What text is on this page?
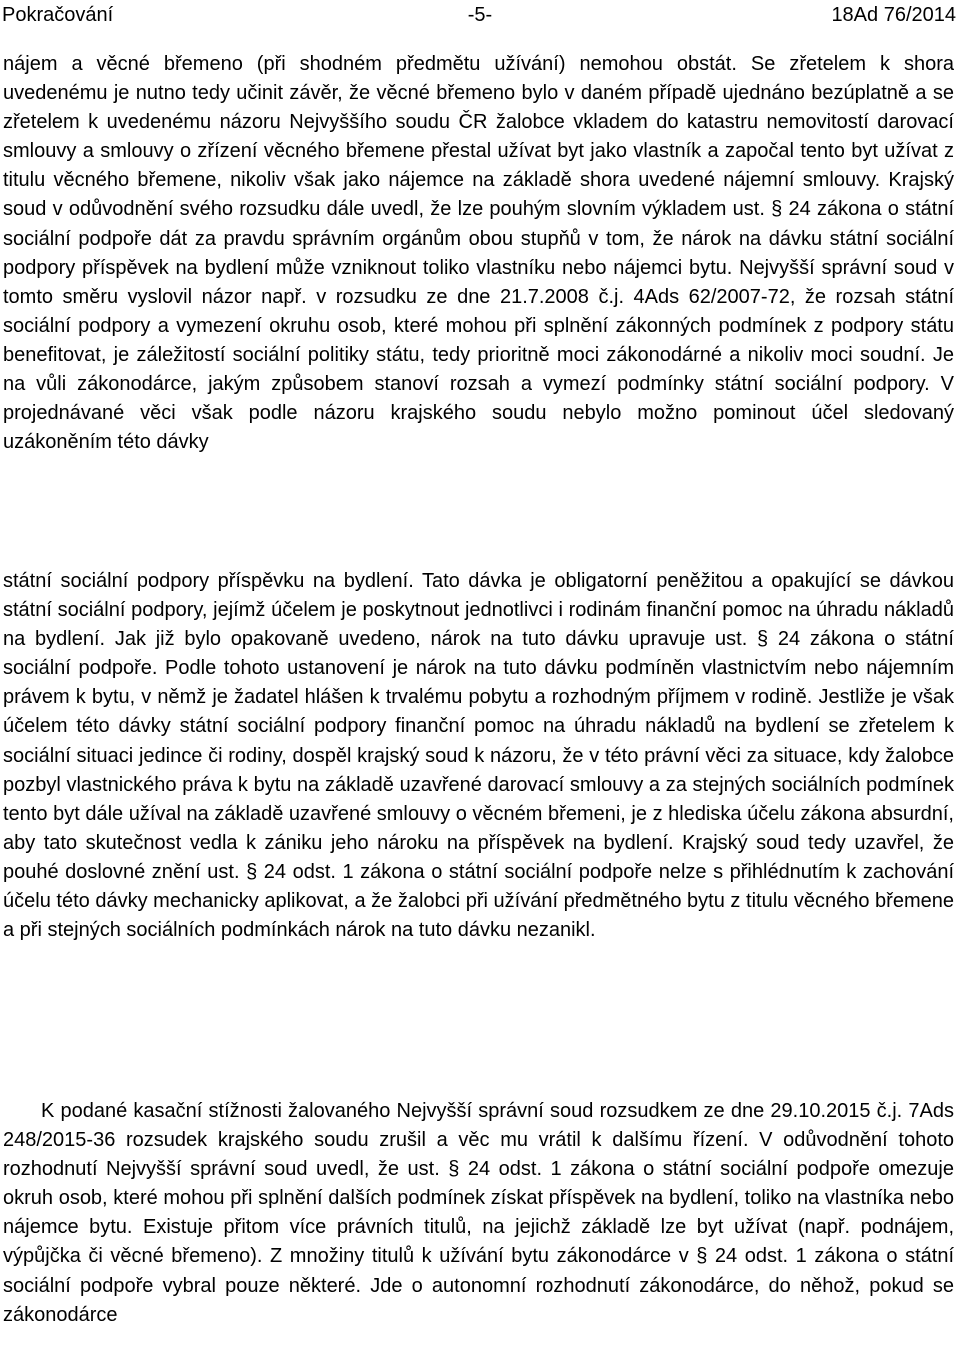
Pokračování	-5-	18Ad 76/2014

nájem a věcné břemeno (při shodném předmětu užívání) nemohou obstát. Se zřetelem k shora uvedenému je nutno tedy učinit závěr, že věcné břemeno bylo v daném případě ujednáno bezúplatně a se zřetelem k uvedenému názoru Nejvyššího soudu ČR žalobce vkladem do katastru nemovitostí darovací smlouvy a smlouvy o zřízení věcného břemene přestal užívat byt jako vlastník a započal tento byt užívat z titulu věcného břemene, nikoliv však jako nájemce na základě shora uvedené nájemní smlouvy. Krajský soud v odůvodnění svého rozsudku dále uvedl, že lze pouhým slovním výkladem ust. § 24 zákona o státní sociální podpoře dát za pravdu správním orgánům obou stupňů v tom, že nárok na dávku státní sociální podpory příspěvek na bydlení může vzniknout toliko vlastníku nebo nájemci bytu. Nejvyšší správní soud v tomto směru vyslovil názor např. v rozsudku ze dne 21.7.2008 č.j. 4Ads 62/2007-72, že rozsah státní sociální podpory a vymezení okruhu osob, které mohou při splnění zákonných podmínek z podpory státu benefitovat, je záležitostí sociální politiky státu, tedy prioritně moci zákonodárné a nikoliv moci soudní. Je na vůli zákonodárce, jakým způsobem stanoví rozsah a vymezí podmínky státní sociální podpory. V projednávané věci však podle názoru krajského soudu nebylo možno pominout účel sledovaný uzákoněním této dávky

státní sociální podpory příspěvku na bydlení. Tato dávka je obligatorní peněžitou a opakující se dávkou státní sociální podpory, jejímž účelem je poskytnout jednotlivci i rodinám finanční pomoc na úhradu nákladů na bydlení. Jak již bylo opakovaně uvedeno, nárok na tuto dávku upravuje ust. § 24 zákona o státní sociální podpoře. Podle tohoto ustanovení je nárok na tuto dávku podmíněn vlastnictvím nebo nájemním právem k bytu, v němž je žadatel hlášen k trvalému pobytu a rozhodným příjmem v rodině. Jestliže je však účelem této dávky státní sociální podpory finanční pomoc na úhradu nákladů na bydlení se zřetelem k sociální situaci jedince či rodiny, dospěl krajský soud k názoru, že v této právní věci za situace, kdy žalobce pozbyl vlastnického práva k bytu na základě uzavřené darovací smlouvy a za stejných sociálních podmínek tento byt dále užíval na základě uzavřené smlouvy o věcném břemeni, je z hlediska účelu zákona absurdní, aby tato skutečnost vedla k zániku jeho nároku na příspěvek na bydlení. Krajský soud tedy uzavřel, že pouhé doslovné znění ust. § 24 odst. 1 zákona o státní sociální podpoře nelze s přihlédnutím k zachování účelu této dávky mechanicky aplikovat, a že žalobci při užívání předmětného bytu z titulu věcného břemene a při stejných sociálních podmínkách nárok na tuto dávku nezanikl.

K podané kasační stížnosti žalovaného Nejvyšší správní soud rozsudkem ze dne 29.10.2015 č.j. 7Ads 248/2015-36 rozsudek krajského soudu zrušil a věc mu vrátil k dalšímu řízení. V odůvodnění tohoto rozhodnutí Nejvyšší správní soud uvedl, že ust. § 24 odst. 1 zákona o státní sociální podpoře omezuje okruh osob, které mohou při splnění dalších podmínek získat příspěvek na bydlení, toliko na vlastníka nebo nájemce bytu. Existuje přitom více právních titulů, na jejichž základě lze byt užívat (např. podnájem, výpůjčka či věcné břemeno). Z množiny titulů k užívání bytu zákonodárce v § 24 odst. 1 zákona o státní sociální podpoře vybral pouze některé. Jde o autonomní rozhodnutí zákonodárce, do něhož, pokud se zákonodárce
